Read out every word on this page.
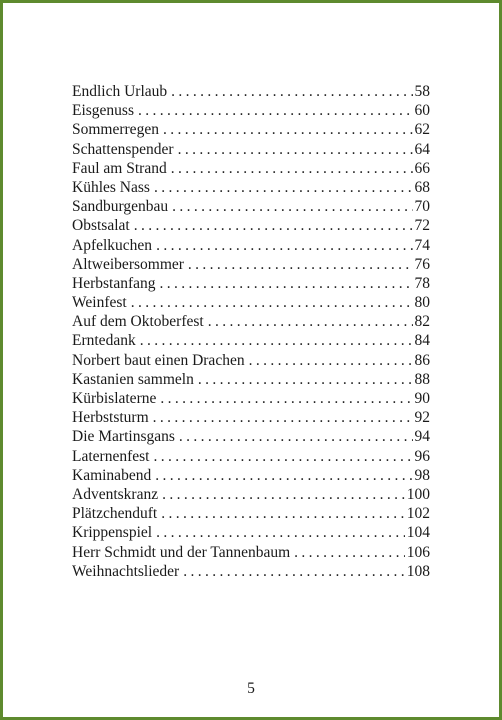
Endlich Urlaub . . .	58
Eisgenuss . . .	60
Sommerregen . . .	62
Schattenspender . . .	64
Faul am Strand . . .	66
Kühles Nass . . .	68
Sandburgenbau . . .	70
Obstsalat . . .	72
Apfelkuchen . . .	74
Altweibersommer . . .	76
Herbstanfang . . .	78
Weinfest . . .	80
Auf dem Oktoberfest . . .	82
Erntedank . . .	84
Norbert baut einen Drachen . . .	86
Kastanien sammeln . . .	88
Kürbislaterne . . .	90
Herbststurm . . .	92
Die Martinsgans . . .	94
Laternenfest . . .	96
Kaminabend . . .	98
Adventskranz . . .	100
Plätzchenduft . . .	102
Krippenspiel . . .	104
Herr Schmidt und der Tannenbaum . . .	106
Weihnachtslieder . . .	108
5
